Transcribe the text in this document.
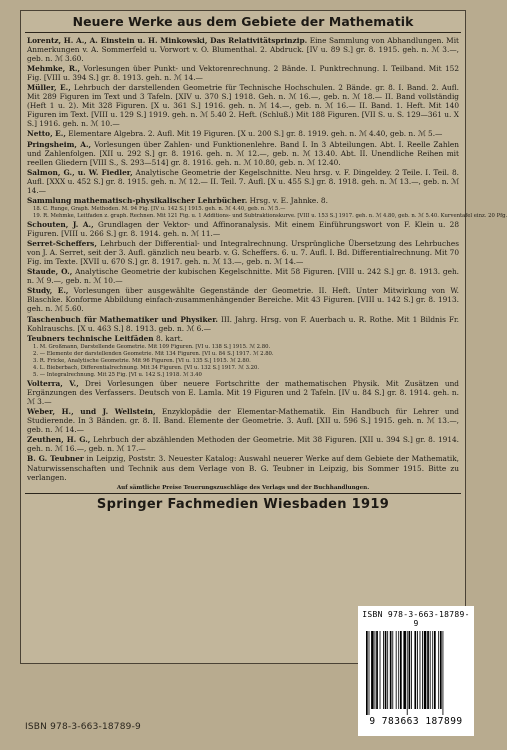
Neuere Werke aus dem Gebiete der Mathematik
Lorentz, H. A., A. Einstein u. H. Minkowski, Das Relativitätsprinzip. Eine Sammlung von Abhandlungen. Mit Anmerkungen v. A. Sommerfeld u. Vorwort v. O. Blumenthal. 2. Abdruck. [IV u. 89 S.] gr. 8. 1915. geh. n. ℳ 3.—, geb. n. ℳ 3.60.
Mehmke, R., Vorlesungen über Punkt- und Vektorenrechnung. 2 Bände. I. Punktrechnung. I. Teilband. Mit 152 Fig. [VIII u. 394 S.] gr. 8. 1913. geh. n. ℳ 14.—
Müller, E., Lehrbuch der darstellenden Geometrie für Technische Hochschulen. 2 Bände. gr. 8. I. Band. 2. Aufl. Mit 289 Figuren im Text und 3 Tafeln. [XIV u. 370 S.] 1918. Geh. n. ℳ 16.—, geb. n. ℳ 18.— II. Band vollständig (Heft 1 u. 2). Mit 328 Figuren. [X u. 361 S.] 1916. geh. n. ℳ 14.—, geb. n. ℳ 16.— II. Band. 1. Heft. Mit 140 Figuren im Text. [VIII u. 129 S.] 1919. geh. n. ℳ 5.40 2. Heft. (Schluß.) Mit 188 Figuren. [VII S. u. S. 129—361 u. X S.] 1916. geh. n. ℳ 10.—
Netto, E., Elementare Algebra. 2. Aufl. Mit 19 Figuren. [X u. 200 S.] gr. 8. 1919. geh. n. ℳ 4.40, geb. n. ℳ 5.—
Pringsheim, A., Vorlesungen über Zahlen- und Funktionenlehre. Band I. In 3 Abteilungen. Abt. I. Reelle Zahlen und Zahlenfolgen. [XII u. 292 S.] gr. 8. 1916. geh. n. ℳ 12.—, geb. n. ℳ 13.40. Abt. II. Unendliche Reihen mit reellen Gliedern [VIII S., S. 293—514] gr. 8. 1916. geh. n. ℳ 10.80, geb. n. ℳ 12.40.
Salmon, G., u. W. Fiedler, Analytische Geometrie der Kegelschnitte. Neu hrsg. v. F. Dingeldey. 2 Teile. I. Teil. 8. Aufl. [XXX u. 452 S.] gr. 8. 1915. geh. n. ℳ 12.— II. Teil. 7. Aufl. [X u. 455 S.] gr. 8. 1918. geh. n. ℳ 13.—, geb. n. ℳ 14.—
Sammlung mathematisch-physikalischer Lehrbücher. Hrsg. v. E. Jahnke. 8.
18. C. Runge, Graph. Methoden. M. 94 Fig. [IV u. 142 S.] 1915. geh. n. ℳ 4.40, geb. n. ℳ 5.—
19. R. Mehmke, Leitfaden z. graph. Rechnen. Mit 121 Fig. u. 1 Additions- und Subtraktionskurve. [VIII u. 153 S.] 1917. geh. n. ℳ 4.80, geb. n. ℳ 5.40. Kurventafel einz. 20 Pfg.
Schouten, J. A., Grundlagen der Vektor- und Affinoranalysis. Mit einem Einführungswort von F. Klein u. 28 Figuren. [VIII u. 266 S.] gr. 8. 1914. geh. n. ℳ 11.—
Serret-Scheffers, Lehrbuch der Differential- und Integralrechnung. Ursprüngliche Übersetzung des Lehrbuches von J. A. Serret, seit der 3. Aufl. gänzlich neu bearb. v. G. Scheffers. 6. u. 7. Aufl. I. Bd. Differentialrechnung. Mit 70 Fig. im Texte. [XVII u. 670 S.] gr. 8. 1917. geh. n. ℳ 13.—, geb. n. ℳ 14.—
Staude, O., Analytische Geometrie der kubischen Kegelschnitte. Mit 58 Figuren. [VIII u. 242 S.] gr. 8. 1913. geh. n. ℳ 9.—, geb. n. ℳ 10.—
Study, E., Vorlesungen über ausgewählte Gegenstände der Geometrie. II. Heft. Unter Mitwirkung von W. Blaschke. Konforme Abbildung einfach-zusammenhängender Bereiche. Mit 43 Figuren. [VIII u. 142 S.] gr. 8. 1913. geh. n. ℳ 5.60.
Taschenbuch für Mathematiker und Physiker. III. Jahrg. Hrsg. von F. Auerbach u. R. Rothe. Mit 1 Bildnis Fr. Kohlrauschs. [X u. 463 S.] 8. 1913. geb. n. ℳ 6.—
Teubners technische Leitfäden 8. kart.
1. M. Großmann, Darstellende Geometrie. Mit 109 Figuren. [VI u. 138 S.] 1915. ℳ 2.80.
2. — Elemente der darstellenden Geometrie. Mit 134 Figuren. [VI u. 84 S.] 1917. ℳ 2.80.
3. R. Fricke, Analytische Geometrie. Mit 96 Figuren. [VI u. 135 S.] 1915. ℳ 2.80.
4. L. Bieberbach, Differentialrechnung. Mit 34 Figuren. [VI u. 132 S.] 1917. ℳ 3.20.
5. — Integralrechnung. Mit 25 Fig. [VI u. 142 S.] 1918. ℳ 3.40
Volterra, V., Drei Vorlesungen über neuere Fortschritte der mathematischen Physik. Mit Zusätzen und Ergänzungen des Verfassers. Deutsch von E. Lamla. Mit 19 Figuren und 2 Tafeln. [IV u. 84 S.] gr. 8. 1914. geh. n. ℳ 3.—
Weber, H., und J. Wellstein, Enzyklopädie der Elementar-Mathematik. Ein Handbuch für Lehrer und Studierende. In 3 Bänden. gr. 8. II. Band. Elemente der Geometrie. 3. Aufl. [XII u. 596 S.] 1915. geh. n. ℳ 13.—, geb. n. ℳ 14.—
Zeuthen, H. G., Lehrbuch der abzählenden Methoden der Geometrie. Mit 38 Figuren. [XII u. 394 S.] gr. 8. 1914. geh. n. ℳ 16.—, geb. n. ℳ 17.—
B. G. Teubner in Leipzig, Poststr. 3. Neuester Katalog: Auswahl neuerer Werke auf dem Gebiete der Mathematik, Naturwissenschaften und Technik aus dem Verlage von B. G. Teubner in Leipzig, bis Sommer 1915. Bitte zu verlangen.
Auf sämtliche Preise Teuerungszuschläge des Verlags und der Buchhandlungen.
Springer Fachmedien Wiesbaden 1919
ISBN 978-3-663-18789-9
9 783663 187899
ISBN 978-3-663-18789-9
